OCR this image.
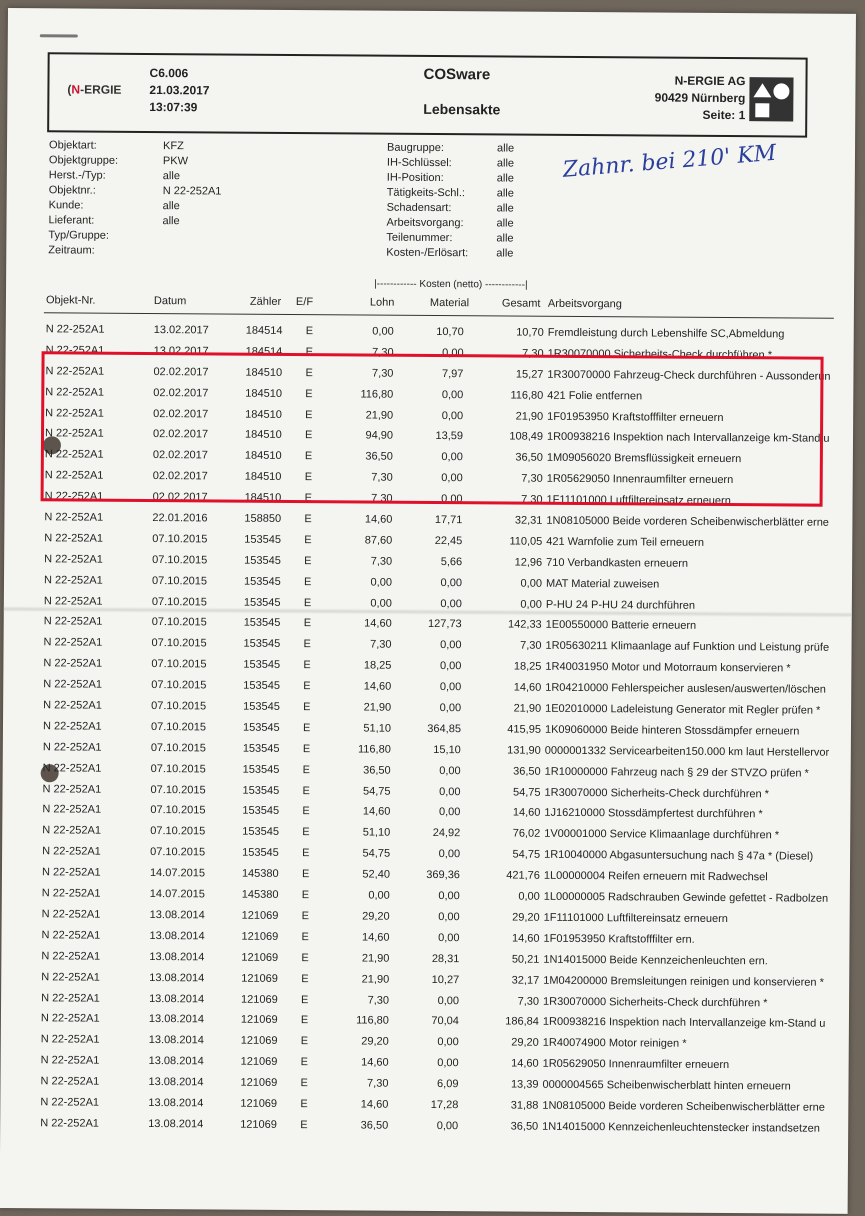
(N-ERGIE

C6.006
21.03.2017
13:07:39
COSware
Lebensakte
N-ERGIE AG
90429 Nürnberg
Seite: 1
Objektart:
Objektgruppe:
Herst.-/Typ:
Objektnr.:
Kunde:
Lieferant:
Typ/Gruppe:
Zeitraum:
KFZ
PKW
alle
N 22-252A1
alle
alle
Baugruppe:
IH-Schlüssel:
IH-Position:
Tätigkeits-Schl.:
Schadensart:
Arbeitsvorgang:
Teilenummer:
Kosten-/Erlösart:
alle
alle
alle
alle
alle
alle
alle
alle
Zahnr. bei 210' KM
|------------ Kosten (netto) ------------|
Objekt-Nr.	Datum	Zähler E/F	Lohn	Material	Gesamt Arbeitsvorgang
N 22-252A1	13.02.2017	184514 E	0,00	10,70	10,70 Fremdleistung durch Lebenshilfe SC,Abmeldung
N 22-252A1	13.02.2017	184514 E	7,30	0,00	7,30 1R30070000 Sicherheits-Check durchführen *
N 22-252A1	02.02.2017	184510 E	7,30	7,97	15,27 1R30070000 Fahrzeug-Check durchführen - Aussonderun
N 22-252A1	02.02.2017	184510 E	116,80	0,00	116,80 421 Folie entfernen
N 22-252A1	02.02.2017	184510 E	21,90	0,00	21,90 1F01953950 Kraftstofffilter erneuern
N 22-252A1	02.02.2017	184510 E	94,90	13,59	108,49 1R00938216 Inspektion nach Intervallanzeige km-Stand u
N 22-252A1	02.02.2017	184510 E	36,50	0,00	36,50 1M09056020 Bremsflüssigkeit erneuern
N 22-252A1	02.02.2017	184510 E	7,30	0,00	7,30 1R05629050 Innenraumfilter erneuern
N 22-252A1	02.02.2017	184510 E	7,30	0,00	7,30 1F11101000 Luftfiltereinsatz erneuern
N 22-252A1	22.01.2016	158850 E	14,60	17,71	32,31 1N08105000 Beide vorderen Scheibenwischerblätter erne
N 22-252A1	07.10.2015	153545 E	87,60	22,45	110,05 421 Warnfolie zum Teil erneuern
N 22-252A1	07.10.2015	153545 E	7,30	5,66	12,96 710 Verbandkasten erneuern
N 22-252A1	07.10.2015	153545 E	0,00	0,00	0,00 MAT Material zuweisen
N 22-252A1	07.10.2015	153545 E	0,00	0,00	0,00 P-HU 24 P-HU 24 durchführen
N 22-252A1	07.10.2015	153545 E	14,60	127,73	142,33 1E00550000 Batterie erneuern
N 22-252A1	07.10.2015	153545 E	7,30	0,00	7,30 1R05630211 Klimaanlage auf Funktion und Leistung prüfe
N 22-252A1	07.10.2015	153545 E	18,25	0,00	18,25 1R40031950 Motor und Motorraum konservieren *
N 22-252A1	07.10.2015	153545 E	14,60	0,00	14,60 1R04210000 Fehlerspeicher auslesen/auswerten/löschen
N 22-252A1	07.10.2015	153545 E	21,90	0,00	21,90 1E02010000 Ladeleistung Generator mit Regler prüfen *
N 22-252A1	07.10.2015	153545 E	51,10	364,85	415,95 1K09060000 Beide hinteren Stossdämpfer erneuern
N 22-252A1	07.10.2015	153545 E	116,80	15,10	131,90 0000001332 Servicearbeiten150.000 km laut Herstellervor
N 22-252A1	07.10.2015	153545 E	36,50	0,00	36,50 1R10000000 Fahrzeug nach § 29 der STVZO prüfen *
N 22-252A1	07.10.2015	153545 E	54,75	0,00	54,75 1R30070000 Sicherheits-Check durchführen *
N 22-252A1	07.10.2015	153545 E	14,60	0,00	14,60 1J16210000 Stossdämpfertest durchführen *
N 22-252A1	07.10.2015	153545 E	51,10	24,92	76,02 1V00001000 Service Klimaanlage durchführen *
N 22-252A1	07.10.2015	153545 E	54,75	0,00	54,75 1R10040000 Abgasuntersuchung nach § 47a * (Diesel)
N 22-252A1	14.07.2015	145380 E	52,40	369,36	421,76 1L00000004 Reifen erneuern mit Radwechsel
N 22-252A1	14.07.2015	145380 E	0,00	0,00	0,00 1L00000005 Radschrauben Gewinde gefettet - Radbolzen
N 22-252A1	13.08.2014	121069 E	29,20	0,00	29,20 1F11101000 Luftfiltereinsatz erneuern
N 22-252A1	13.08.2014	121069 E	14,60	0,00	14,60 1F01953950 Kraftstofffilter ern.
N 22-252A1	13.08.2014	121069 E	21,90	28,31	50,21 1N14015000 Beide Kennzeichenleuchten ern.
N 22-252A1	13.08.2014	121069 E	21,90	10,27	32,17 1M04200000 Bremsleitungen reinigen und konservieren *
N 22-252A1	13.08.2014	121069 E	7,30	0,00	7,30 1R30070000 Sicherheits-Check durchführen *
N 22-252A1	13.08.2014	121069 E	116,80	70,04	186,84 1R00938216 Inspektion nach Intervallanzeige km-Stand u
N 22-252A1	13.08.2014	121069 E	29,20	0,00	29,20 1R40074900 Motor reinigen *
N 22-252A1	13.08.2014	121069 E	14,60	0,00	14,60 1R05629050 Innenraumfilter erneuern
N 22-252A1	13.08.2014	121069 E	7,30	6,09	13,39 0000004565 Scheibenwischerblatt hinten erneuern
N 22-252A1	13.08.2014	121069 E	14,60	17,28	31,88 1N08105000 Beide vorderen Scheibenwischerblätter erne
N 22-252A1	13.08.2014	121069 E	36,50	0,00	36,50 1N14015000 Kennzeichenleuchtenstecker instandsetzen
